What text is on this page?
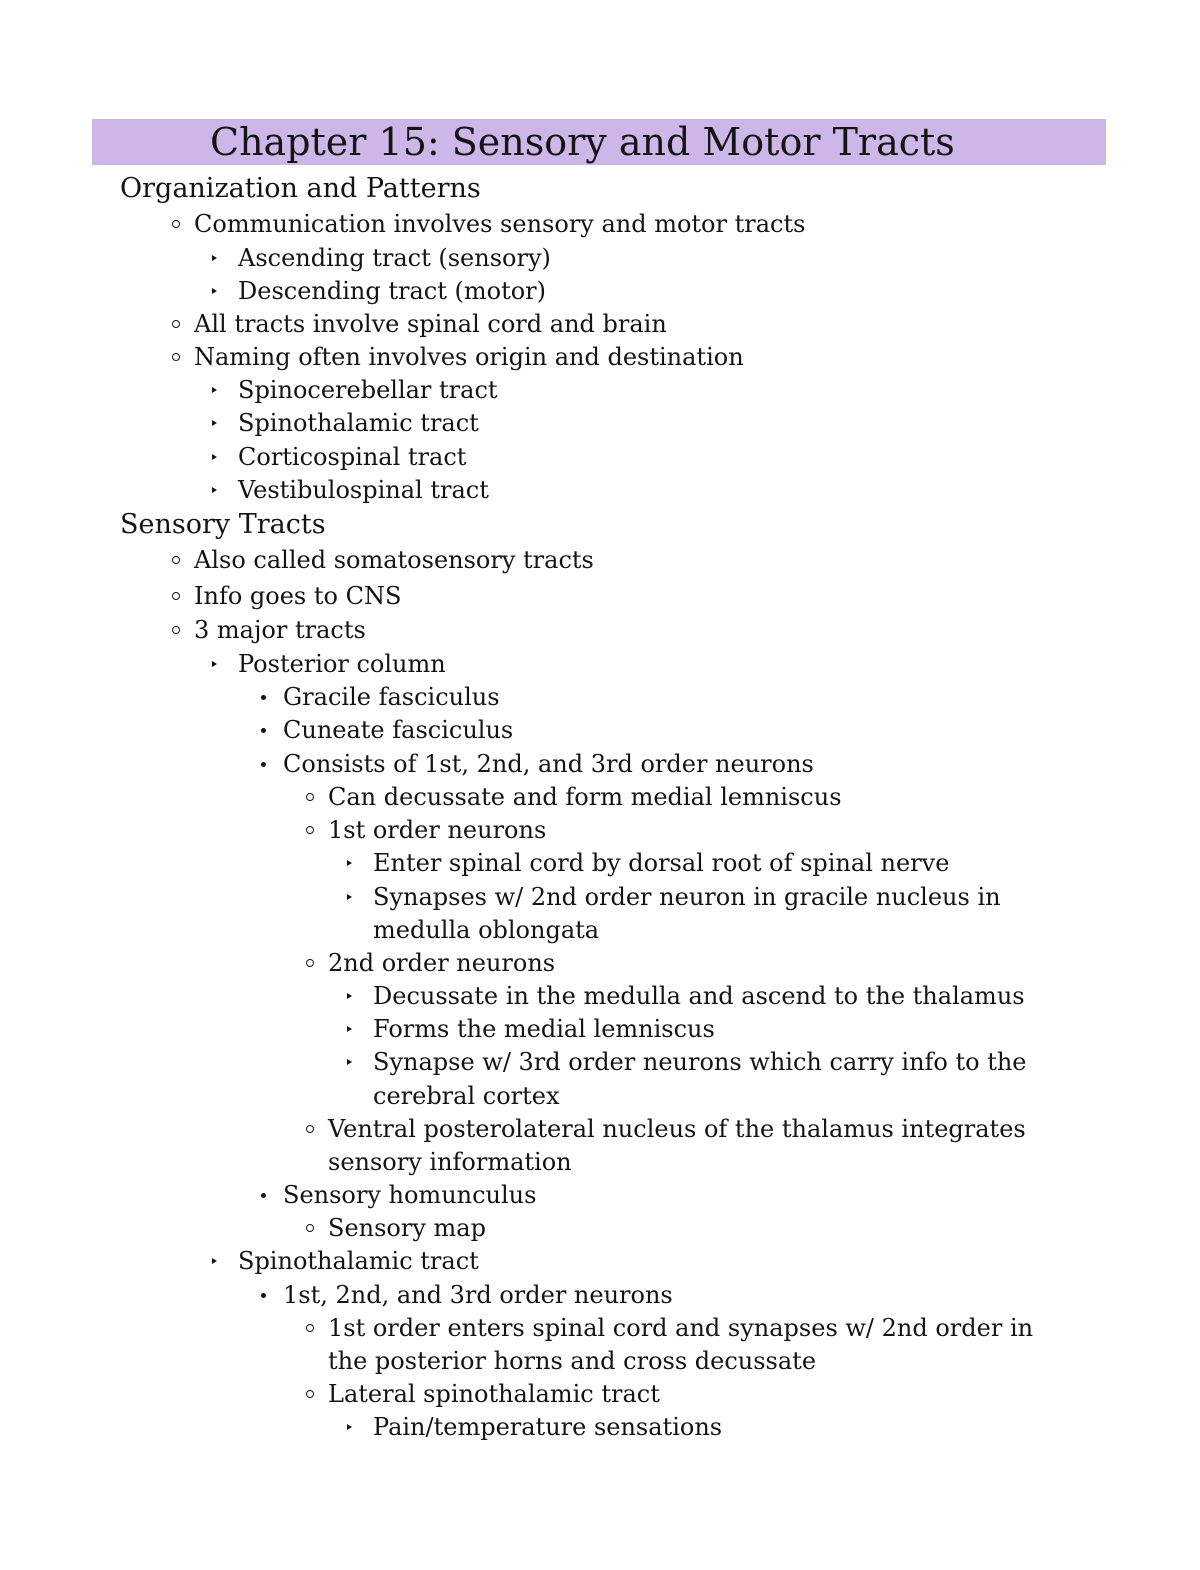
Chapter 15: Sensory and Motor Tracts
Organization and Patterns
Communication involves sensory and motor tracts
Ascending tract (sensory)
Descending tract (motor)
All tracts involve spinal cord and brain
Naming often involves origin and destination
Spinocerebellar tract
Spinothalamic tract
Corticospinal tract
Vestibulospinal tract
Sensory Tracts
Also called somatosensory tracts
Info goes to CNS
3 major tracts
Posterior column
Gracile fasciculus
Cuneate fasciculus
Consists of 1st, 2nd, and 3rd order neurons
Can decussate and form medial lemniscus
1st order neurons
Enter spinal cord by dorsal root of spinal nerve
Synapses w/ 2nd order neuron in gracile nucleus in
medulla oblongata
2nd order neurons
Decussate in the medulla and ascend to the thalamus
Forms the medial lemniscus
Synapse w/ 3rd order neurons which carry info to the
cerebral cortex
Ventral posterolateral nucleus of the thalamus integrates
sensory information
Sensory homunculus
Sensory map
Spinothalamic tract
1st, 2nd, and 3rd order neurons
1st order enters spinal cord and synapses w/ 2nd order in
the posterior horns and cross decussate
Lateral spinothalamic tract
Pain/temperature sensations
